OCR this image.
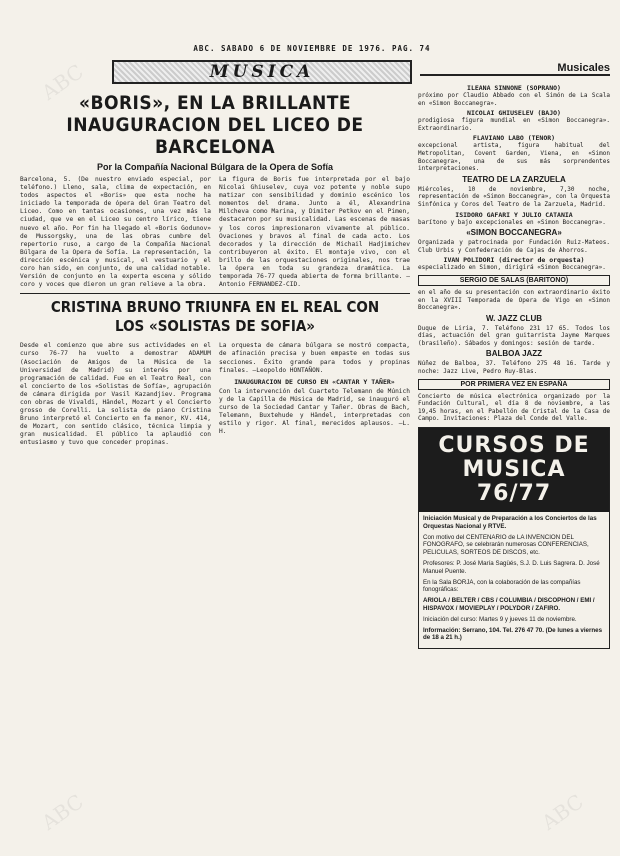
ABC
ABC	ABC
ABC. SABADO 6 DE NOVIEMBRE DE 1976. PAG. 74
MUSICA	Musicales
«BORIS», EN LA BRILLANTE INAUGURACION DEL LICEO DE BARCELONA
Por la Compañía Nacional Búlgara de la Opera de Sofía
Barcelona, 5. (De nuestro enviado especial, por teléfono.) Lleno, sala, clima de expectación, en todos aspectos el «Boris» que esta noche ha iniciado la temporada de ópera del Gran Teatro del Liceo. Como en tantas ocasiones, una vez más la ciudad, que ve en el Liceo su centro lírico, tiene nuevo el año. Por fin ha llegado el «Boris Godunov» de Mussorgsky, una de las obras cumbre del repertorio ruso, a cargo de la Compañía Nacional Búlgara de la Opera de Sofía. La representación, la dirección escénica y musical, el vestuario y el coro han sido, en conjunto, de una calidad notable. Versión de conjunto en la experta escena y sólido coro y voces que dieron un gran relieve a la obra.
La figura de Boris fue interpretada por el bajo Nicolai Ghiuselev, cuya voz potente y noble supo matizar con sensibilidad y dominio escénico los momentos del drama. Junto a él, Alexandrina Milcheva como Marina, y Dimiter Petkov en el Pimen, destacaron por su musicalidad. Las escenas de masas y los coros impresionaron vivamente al público. Ovaciones y bravos al final de cada acto. Los decorados y la dirección de Michail Hadjimichev contribuyeron al éxito. El montaje vivo, con el brillo de las orquestaciones originales, nos trae la ópera en toda su grandeza dramática. La temporada 76-77 queda abierta de forma brillante. —Antonio FERNANDEZ-CID.
CRISTINA BRUNO TRIUNFA EN EL REAL CON LOS «SOLISTAS DE SOFIA»
Desde el comienzo que abre sus actividades en el curso 76-77 ha vuelto a demostrar ADAMUM (Asociación de Amigos de la Música de la Universidad de Madrid) su interés por una programación de calidad. Fue en el Teatro Real, con el concierto de los «Solistas de Sofía», agrupación de cámara dirigida por Vasil Kazandjiev. Programa con obras de Vivaldi, Händel, Mozart y el Concierto grosso de Corelli. La solista de piano Cristina Bruno interpretó el Concierto en fa menor, KV. 414, de Mozart, con sentido clásico, técnica limpia y gran musicalidad. El público la aplaudió con entusiasmo y tuvo que conceder propinas.
La orquesta de cámara búlgara se mostró compacta, de afinación precisa y buen empaste en todas sus secciones. Éxito grande para todos y propinas finales. —Leopoldo HONTAÑON.
INAUGURACION DE CURSO EN «CANTAR Y TAÑER»
Con la intervención del Cuarteto Telemann de Múnich y de la Capilla de Música de Madrid, se inauguró el curso de la Sociedad Cantar y Tañer. Obras de Bach, Telemann, Buxtehude y Händel, interpretadas con estilo y rigor. Al final, merecidos aplausos. —L. H.
ILEANA SINNONE (SOPRANO)
próximo por Claudio Abbado con el Simón de La Scala en «Simon Boccanegra».
NICOLAI GHIUSELEV (BAJO)
prodigiosa figura mundial en «Simon Boccanegra». Extraordinario.
FLAVIANO LABO (TENOR)
excepcional artista, figura habitual del Metropolitan, Covent Garden, Viena, en «Simon Boccanegra», una de sus más sorprendentes interpretaciones.
TEATRO DE LA ZARZUELA
Miércoles, 10 de noviembre, 7,30 noche, representación de «Simon Boccanegra», con la Orquesta Sinfónica y Coros del Teatro de la Zarzuela, Madrid.
ISIDORO GAFARI Y JULIO CATANIA
barítono y bajo excepcionales en «Simon Boccanegra».
«SIMON BOCCANEGRA»
Organizada y patrocinada por Fundación Ruiz-Mateos. Club Urbis y Confederación de Cajas de Ahorros.
IVAN POLIDORI (director de orquesta)
especializado en Simon, dirigirá «Simon Boccanegra».
SERGIO DE SALAS (BARITONO)
en el año de su presentación con extraordinario éxito en la XVIII Temporada de Opera de Vigo en «Simon Boccanegra».
W. JAZZ CLUB
Duque de Liria, 7. Teléfono 231 17 65. Todos los días, actuación del gran guitarrista Jayme Marques (brasileño). Sábados y domingos: sesión de tarde.
BALBOA JAZZ
Núñez de Balboa, 37. Teléfono 275 48 16. Tarde y noche: Jazz Live, Pedro Ruy-Blas.
POR PRIMERA VEZ EN ESPAÑA
Concierto de música electrónica organizado por la Fundación Cultural, el día 8 de noviembre, a las 19,45 horas, en el Pabellón de Cristal de la Casa de Campo. Invitaciones: Plaza del Conde del Valle.
CURSOS DE MUSICA 76/77

Iniciación Musical y de Preparación a los Conciertos de las Orquestas Nacional y RTVE.

Con motivo del CENTENARIO de LA INVENCION DEL FONOGRAFO, se celebrarán numerosas CONFERENCIAS, PELICULAS, SORTEOS DE DISCOS, etc.

Profesores: P. José María Sagüés, S.J. D. Luis Sagrera. D. José Manuel Puente.

En la Sala BORJA, con la colaboración de las compañías fonográficas:

ARIOLA / BELTER / CBS / COLUMBIA / DISCOPHON / EMI / HISPAVOX / MOVIEPLAY / POLYDOR / ZAFIRO.

Iniciación del curso: Martes 9 y jueves 11 de noviembre.

Información: Serrano, 104. Tel. 276 47 70. (De lunes a viernes de 18 a 21 h.)
